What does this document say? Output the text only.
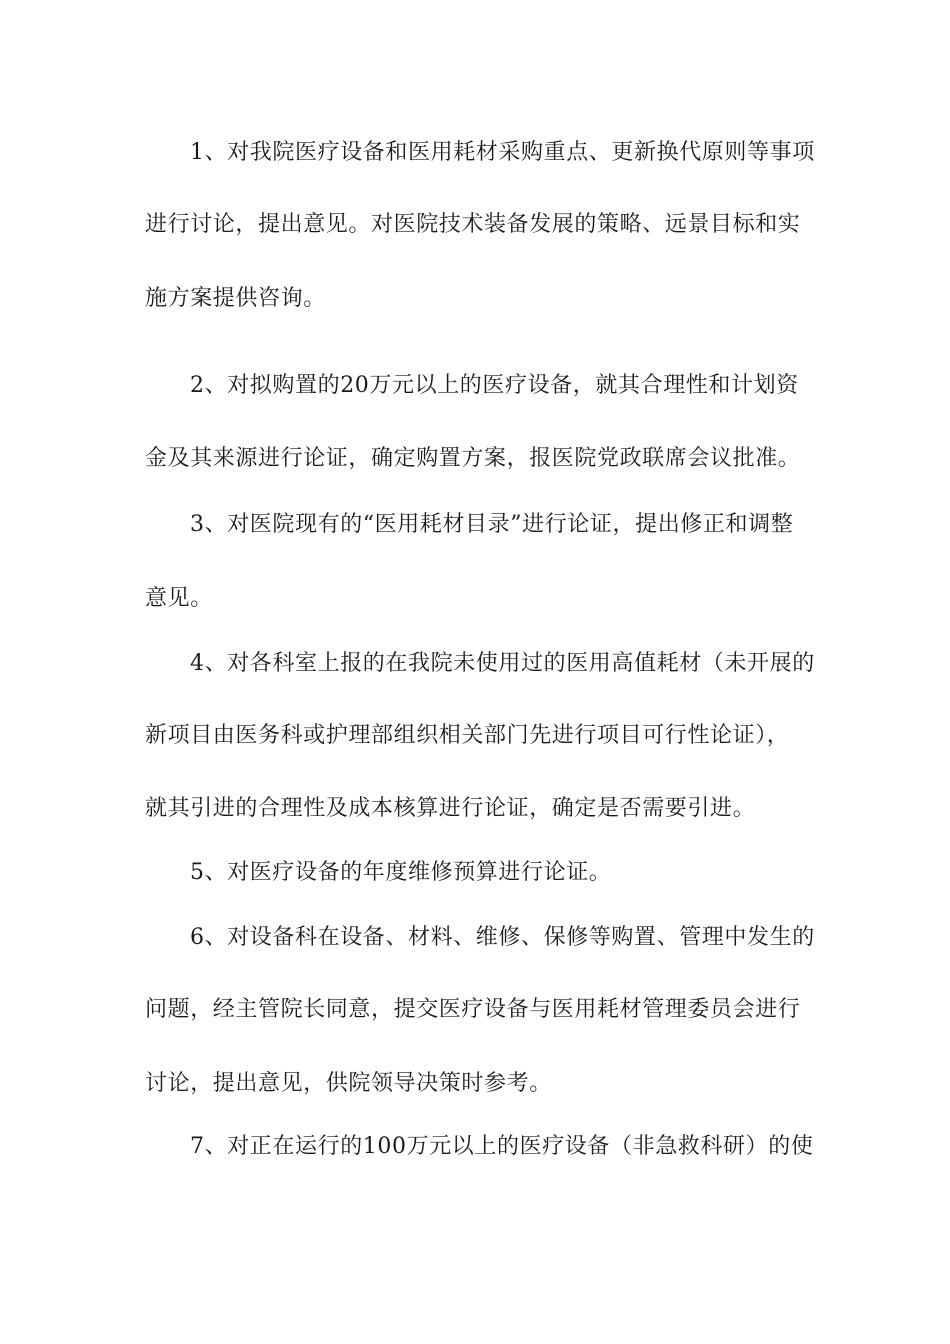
1、对我院医疗设备和医用耗材采购重点、更新换代原则等事项
进行讨论，提出意见。对医院技术装备发展的策略、远景目标和实
施方案提供咨询。
2、对拟购置的20万元以上的医疗设备，就其合理性和计划资
金及其来源进行论证，确定购置方案，报医院党政联席会议批准。
3、对医院现有的“医用耗材目录”进行论证，提出修正和调整
意见。
4、对各科室上报的在我院未使用过的医用高值耗材（未开展的
新项目由医务科或护理部组织相关部门先进行项目可行性论证），
就其引进的合理性及成本核算进行论证，确定是否需要引进。
5、对医疗设备的年度维修预算进行论证。
6、对设备科在设备、材料、维修、保修等购置、管理中发生的
问题，经主管院长同意，提交医疗设备与医用耗材管理委员会进行
讨论，提出意见，供院领导决策时参考。
7、对正在运行的100万元以上的医疗设备（非急救科研）的使
